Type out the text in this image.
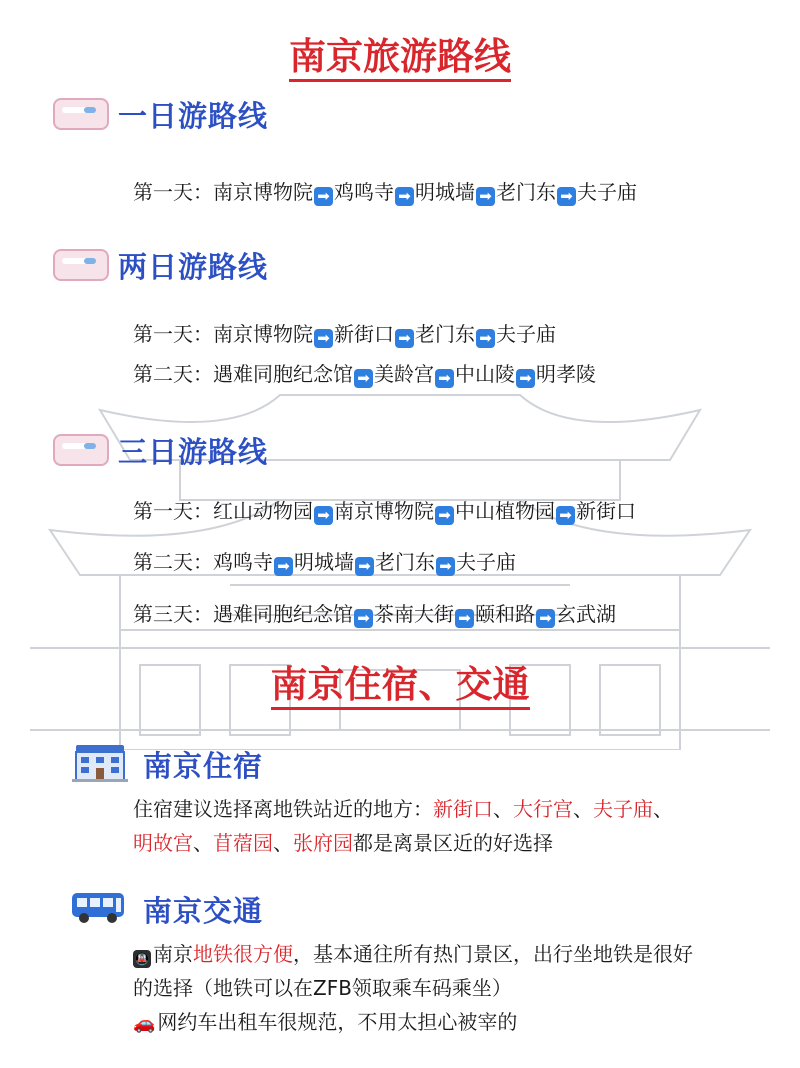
南京旅游路线
一日游路线
第一天：南京博物院 ➡ 鸡鸣寺 ➡ 明城墙 ➡ 老门东 ➡ 夫子庙
两日游路线
第一天：南京博物院 ➡ 新街口 ➡ 老门东 ➡ 夫子庙
第二天：遇难同胞纪念馆 ➡ 美龄宫 ➡ 中山陵 ➡ 明孝陵
三日游路线
第一天：红山动物园 ➡ 南京博物院 ➡ 中山植物园 ➡ 新街口
第二天：鸡鸣寺 ➡ 明城墙 ➡ 老门东 ➡ 夫子庙
第三天：遇难同胞纪念馆 ➡ 茶南大街 ➡ 颐和路 ➡ 玄武湖
南京住宿、交通
南京住宿
住宿建议选择离地铁站近的地方：新街口、大行宫、夫子庙、
明故宫、苜蓿园、张府园都是离景区近的好选择
南京交通
🚇 南京地铁很方便，基本通往所有热门景区，出行坐地铁是很好
的选择（地铁可以在ZFB领取乘车码乘坐）
🚗 网约车出租车很规范，不用太担心被宰的
